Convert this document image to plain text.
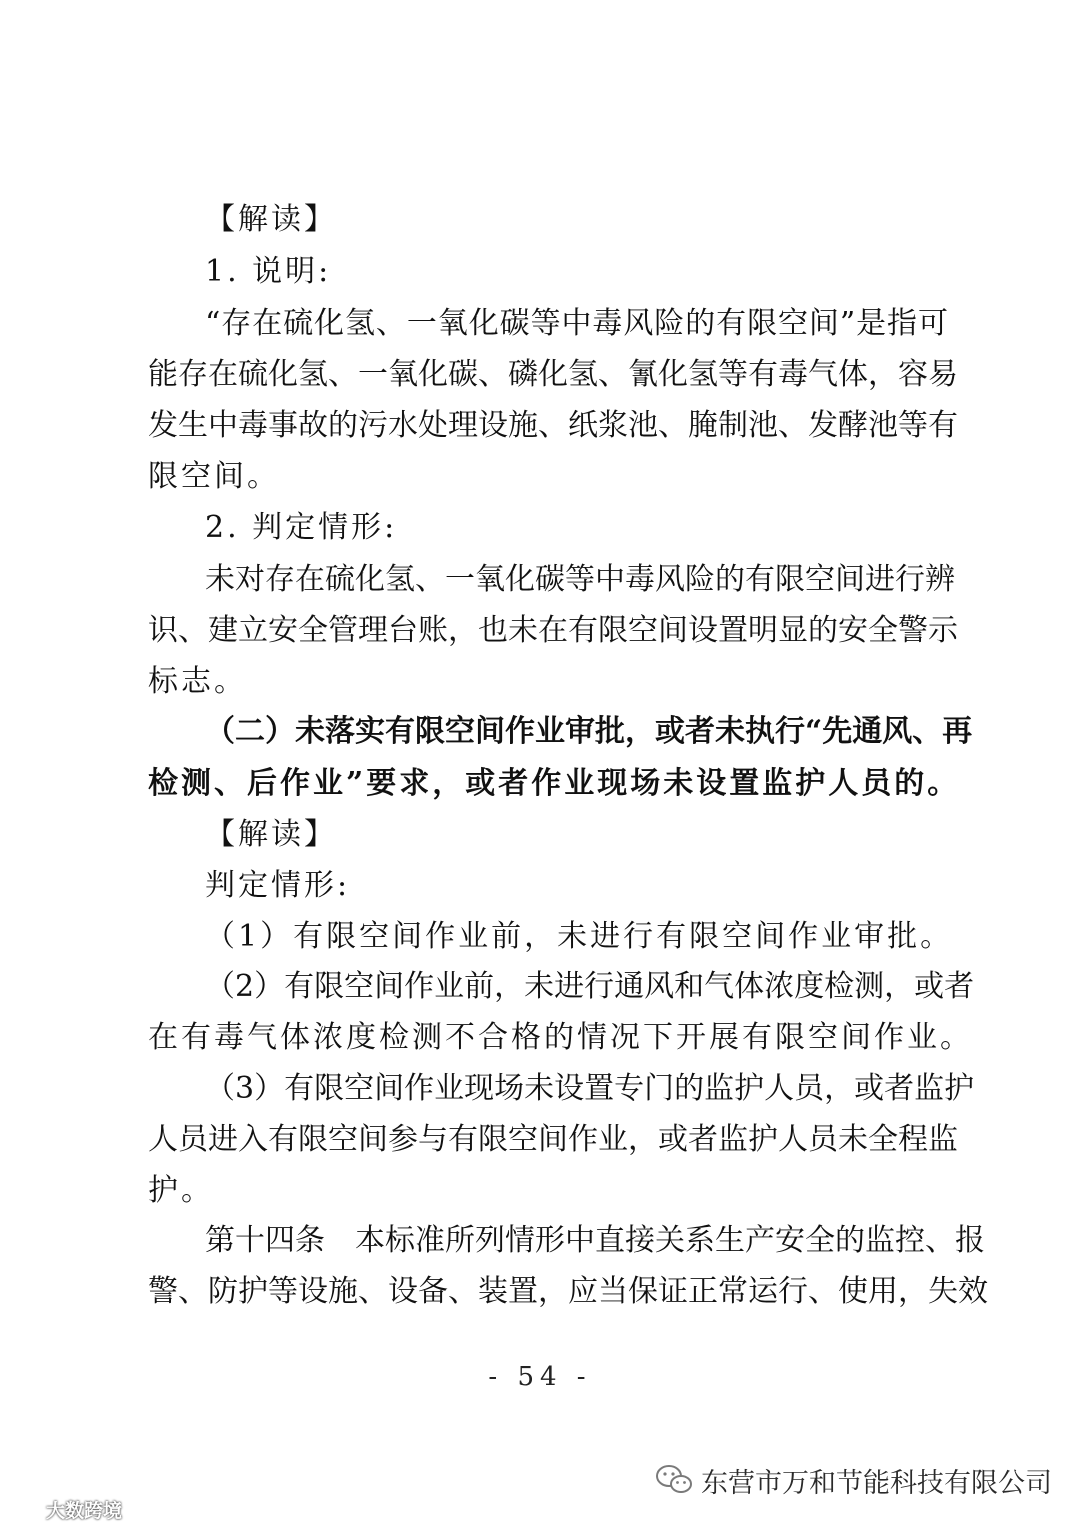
【解读】
1. 说明:
“存在硫化氢、一氧化碳等中毒风险的有限空间”是指可
能存在硫化氢、一氧化碳、磷化氢、氰化氢等有毒气体，容易
发生中毒事故的污水处理设施、纸浆池、腌制池、发酵池等有
限空间。
2. 判定情形:
未对存在硫化氢、一氧化碳等中毒风险的有限空间进行辨
识、建立安全管理台账，也未在有限空间设置明显的安全警示
标志。
（二）未落实有限空间作业审批，或者未执行“先通风、再
检测、后作业”要求，或者作业现场未设置监护人员的。
【解读】
判定情形:
（1）有限空间作业前，未进行有限空间作业审批。
（2）有限空间作业前，未进行通风和气体浓度检测，或者
在有毒气体浓度检测不合格的情况下开展有限空间作业。
（3）有限空间作业现场未设置专门的监护人员，或者监护
人员进入有限空间参与有限空间作业，或者监护人员未全程监
护。
第十四条　本标准所列情形中直接关系生产安全的监控、报
警、防护等设施、设备、装置，应当保证正常运行、使用，失效
- 54 -
东营市万和节能科技有限公司
大数跨境
